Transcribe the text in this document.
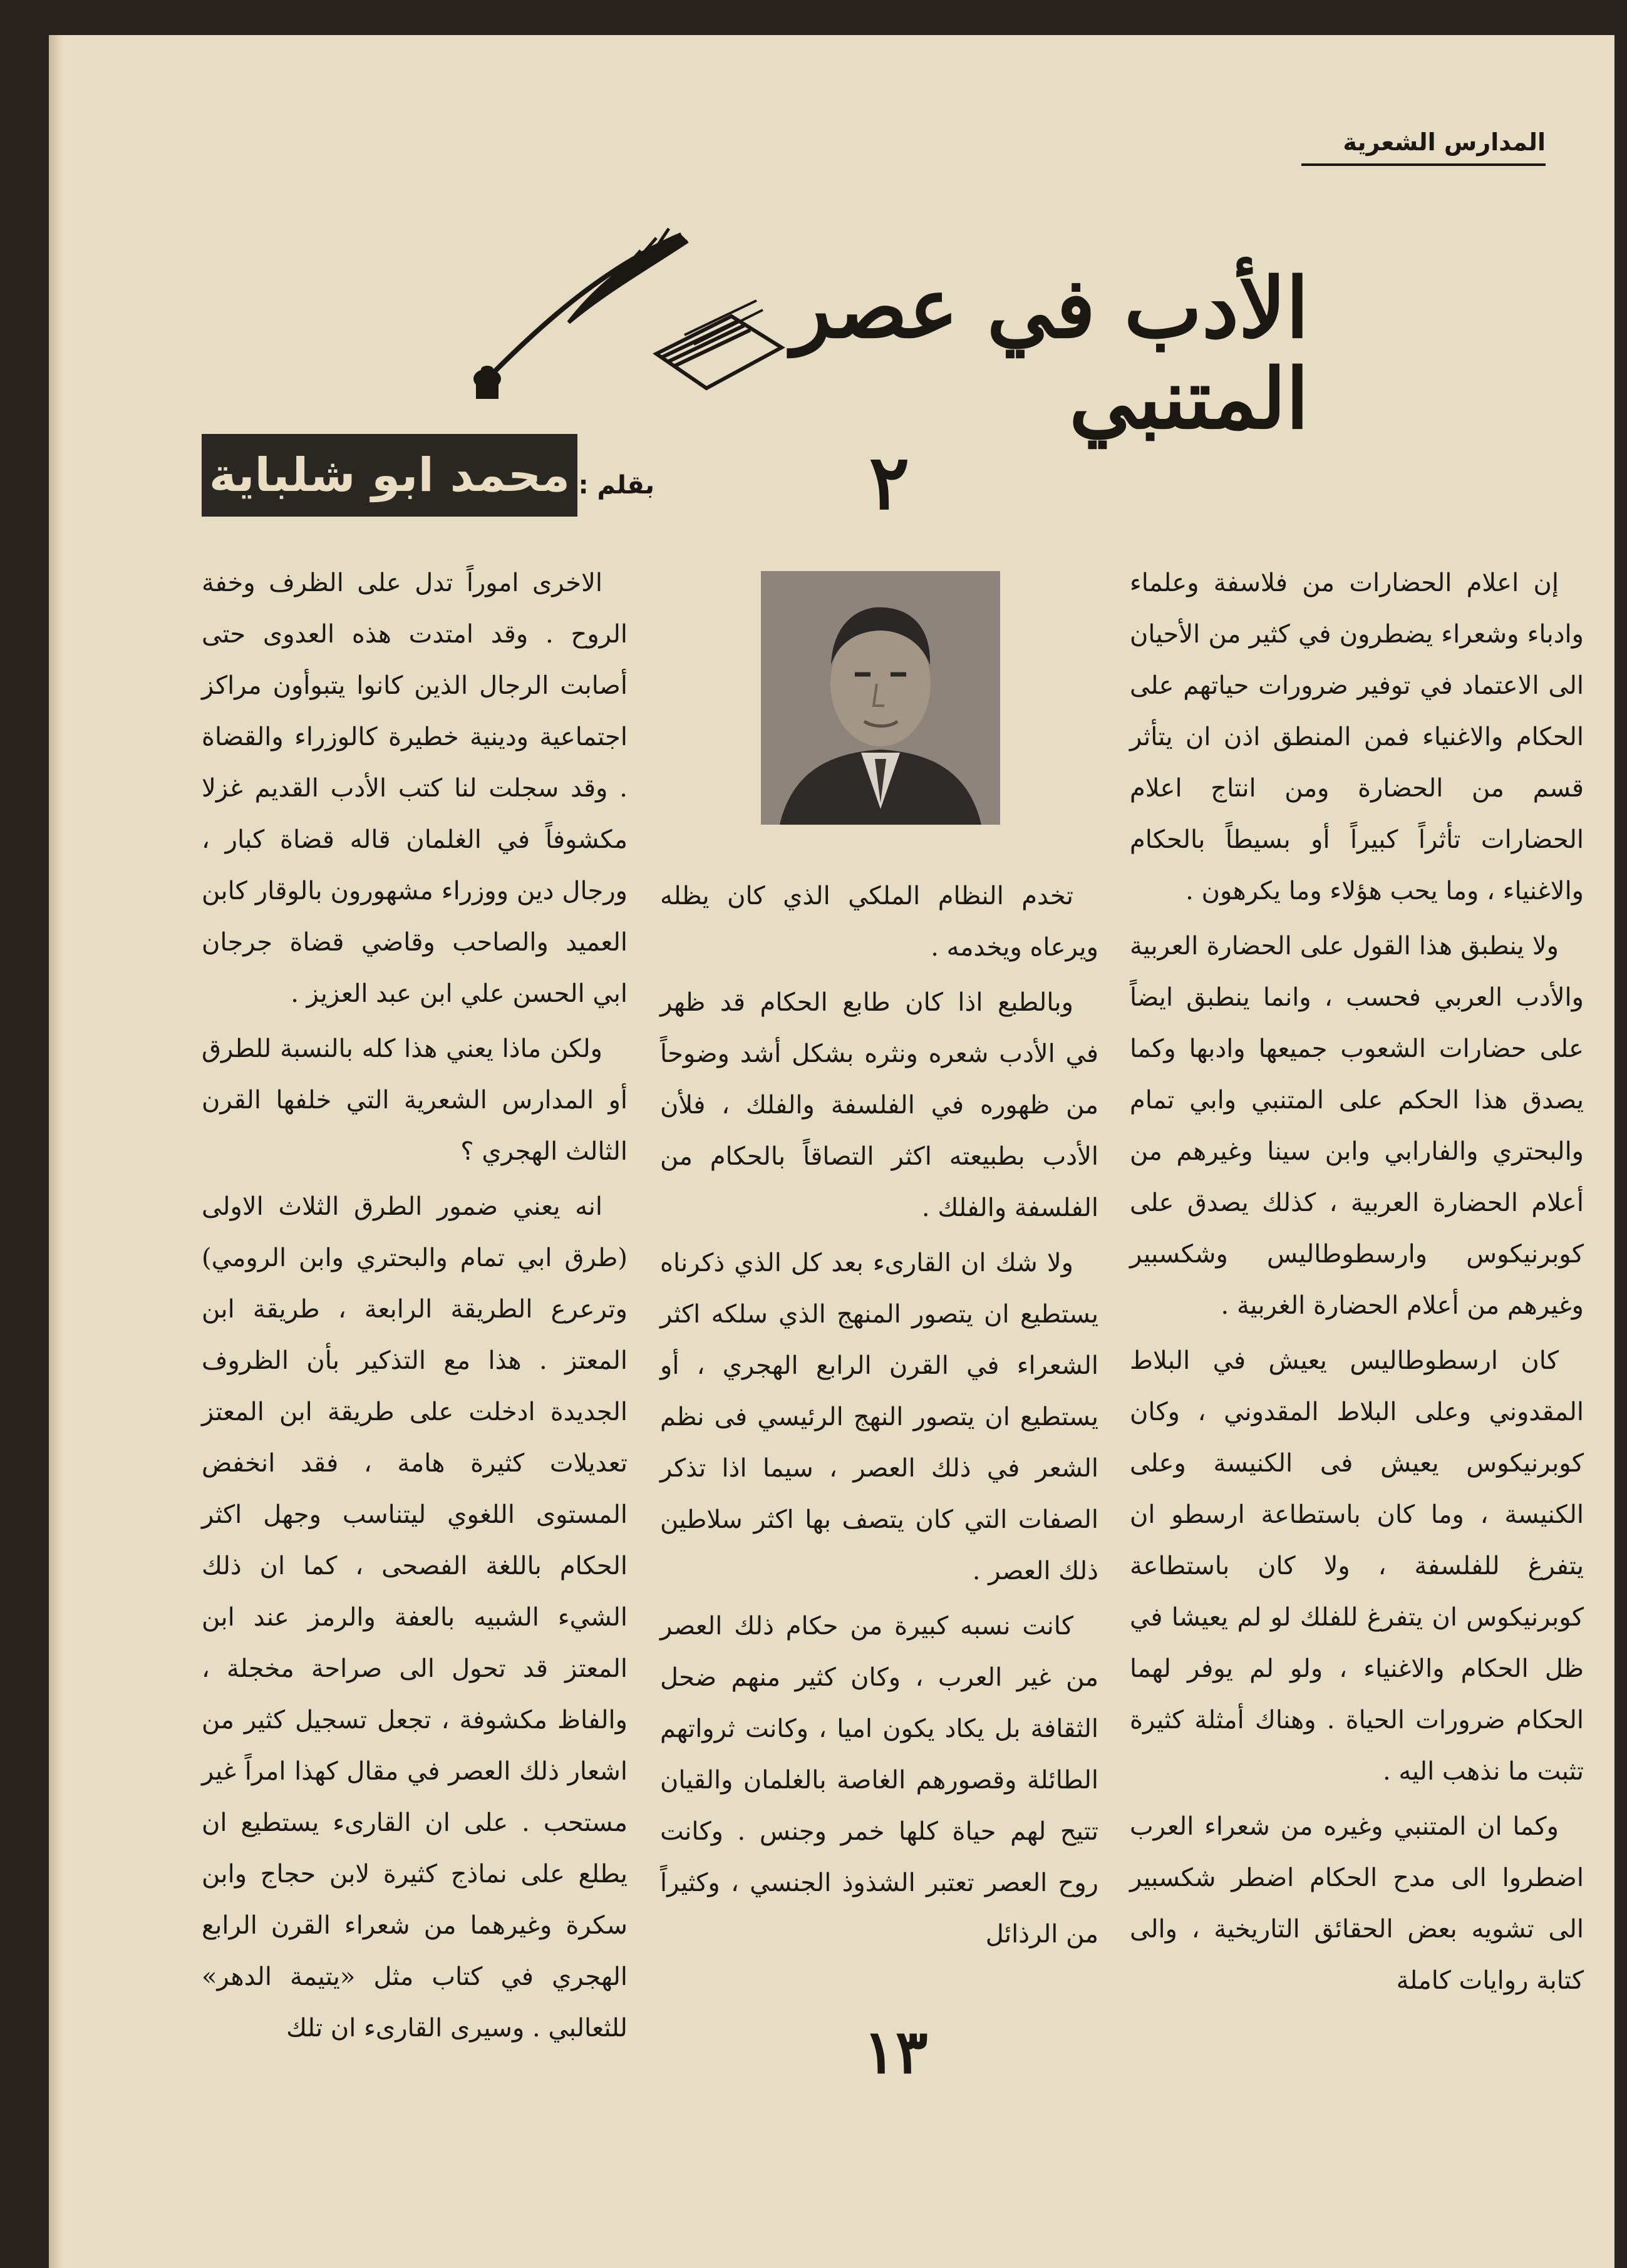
المدارس الشعرية
الأدب في عصر المتنبي
٢
بقلم :
محمد ابو شلباية

إن اعلام الحضارات من فلاسفة وعلماء وادباء وشعراء يضطرون في كثير من الأحيان الى الاعتماد في توفير ضرورات حياتهم على الحكام والاغنياء فمن المنطق اذن ان يتأثر قسم من الحضارة ومن انتاج اعلام الحضارات تأثراً كبيراً أو بسيطاً بالحكام والاغنياء ، وما يحب هؤلاء وما يكرهون .

ولا ينطبق هذا القول على الحضارة العربية والأدب العربي فحسب ، وانما ينطبق ايضاً على حضارات الشعوب جميعها وادبها وكما يصدق هذا الحكم على المتنبي وابي تمام والبحتري والفارابي وابن سينا وغيرهم من أعلام الحضارة العربية ، كذلك يصدق على كوبرنيكوس وارسطوطاليس وشكسبير وغيرهم من أعلام الحضارة الغربية .

كان ارسطوطاليس يعيش في البلاط المقدوني وعلى البلاط المقدوني ، وكان كوبرنيكوس يعيش فى الكنيسة وعلى الكنيسة ، وما كان باستطاعة ارسطو ان يتفرغ للفلسفة ، ولا كان باستطاعة كوبرنيكوس ان يتفرغ للفلك لو لم يعيشا في ظل الحكام والاغنياء ، ولو لم يوفر لهما الحكام ضرورات الحياة . وهناك أمثلة كثيرة تثبت ما نذهب اليه .

وكما ان المتنبي وغيره من شعراء العرب اضطروا الى مدح الحكام اضطر شكسبير الى تشويه بعض الحقائق التاريخية ، والى كتابة روايات كاملة

تخدم النظام الملكي الذي كان يظله ويرعاه ويخدمه .

وبالطبع اذا كان طابع الحكام قد ظهر في الأدب شعره ونثره بشكل أشد وضوحاً من ظهوره في الفلسفة والفلك ، فلأن الأدب بطبيعته اكثر التصاقاً بالحكام من الفلسفة والفلك .

ولا شك ان القارىء بعد كل الذي ذكرناه يستطيع ان يتصور المنهج الذي سلكه اكثر الشعراء في القرن الرابع الهجري ، أو يستطيع ان يتصور النهج الرئيسي فى نظم الشعر في ذلك العصر ، سيما اذا تذكر الصفات التي كان يتصف بها اكثر سلاطين ذلك العصر .

كانت نسبه كبيرة من حكام ذلك العصر من غير العرب ، وكان كثير منهم ضحل الثقافة بل يكاد يكون اميا ، وكانت ثرواتهم الطائلة وقصورهم الغاصة بالغلمان والقيان تتيح لهم حياة كلها خمر وجنس . وكانت روح العصر تعتبر الشذوذ الجنسي ، وكثيراً من الرذائل

الاخرى اموراً تدل على الظرف وخفة الروح . وقد امتدت هذه العدوى حتى أصابت الرجال الذين كانوا يتبوأون مراكز اجتماعية ودينية خطيرة كالوزراء والقضاة . وقد سجلت لنا كتب الأدب القديم غزلا مكشوفاً في الغلمان قاله قضاة كبار ، ورجال دين ووزراء مشهورون بالوقار كابن العميد والصاحب وقاضي قضاة جرجان ابي الحسن علي ابن عبد العزيز .

ولكن ماذا يعني هذا كله بالنسبة للطرق أو المدارس الشعرية التي خلفها القرن الثالث الهجري ؟

انه يعني ضمور الطرق الثلاث الاولى (طرق ابي تمام والبحتري وابن الرومي) وترعرع الطريقة الرابعة ، طريقة ابن المعتز . هذا مع التذكير بأن الظروف الجديدة ادخلت على طريقة ابن المعتز تعديلات كثيرة هامة ، فقد انخفض المستوى اللغوي ليتناسب وجهل اكثر الحكام باللغة الفصحى ، كما ان ذلك الشيء الشبيه بالعفة والرمز عند ابن المعتز قد تحول الى صراحة مخجلة ، والفاظ مكشوفة ، تجعل تسجيل كثير من اشعار ذلك العصر في مقال كهذا امراً غير مستحب . على ان القارىء يستطيع ان يطلع على نماذج كثيرة لابن حجاج وابن سكرة وغيرهما من شعراء القرن الرابع الهجري في كتاب مثل «يتيمة الدهر» للثعالبي . وسيرى القارىء ان تلك	١٣
